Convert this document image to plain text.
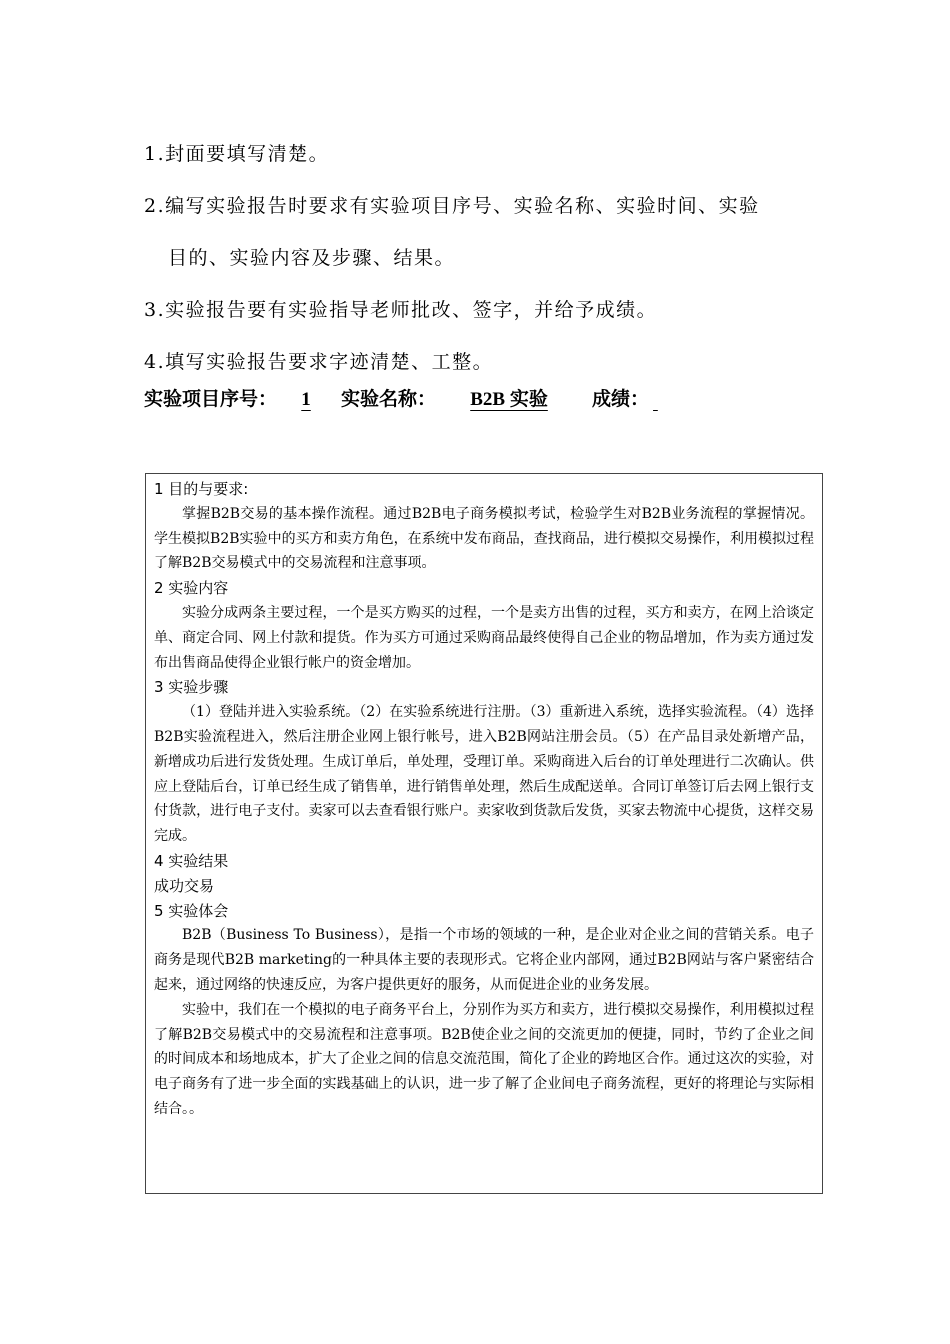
1.封面要填写清楚。
2.编写实验报告时要求有实验项目序号、实验名称、实验时间、实验
目的、实验内容及步骤、结果。
3.实验报告要有实验指导老师批改、签字，并给予成绩。
4.填写实验报告要求字迹清楚、工整。
实验项目序号： 1 实验名称： B2B 实验 成绩：
1 目的与要求:

掌握B2B交易的基本操作流程。通过B2B电子商务模拟考试，检验学生对B2B业务流程的掌握情况。学生模拟B2B实验中的买方和卖方角色，在系统中发布商品，查找商品，进行模拟交易操作，利用模拟过程了解B2B交易模式中的交易流程和注意事项。

2 实验内容

实验分成两条主要过程，一个是买方购买的过程，一个是卖方出售的过程，买方和卖方，在网上洽谈定单、商定合同、网上付款和提货。作为买方可通过采购商品最终使得自己企业的物品增加，作为卖方通过发布出售商品使得企业银行帐户的资金增加。

3 实验步骤

（1）登陆并进入实验系统。（2）在实验系统进行注册。（3）重新进入系统，选择实验流程。（4）选择B2B实验流程进入，然后注册企业网上银行帐号，进入B2B网站注册会员。（5）在产品目录处新增产品，新增成功后进行发货处理。生成订单后，单处理，受理订单。采购商进入后台的订单处理进行二次确认。供应上登陆后台，订单已经生成了销售单，进行销售单处理，然后生成配送单。合同订单签订后去网上银行支付货款，进行电子支付。卖家可以去查看银行账户。卖家收到货款后发货，买家去物流中心提货，这样交易完成。

4 实验结果
成功交易
5 实验体会

B2B（Business To Business），是指一个市场的领域的一种，是企业对企业之间的营销关系。电子商务是现代B2B marketing的一种具体主要的表现形式。它将企业内部网，通过B2B网站与客户紧密结合起来，通过网络的快速反应，为客户提供更好的服务，从而促进企业的业务发展。

实验中，我们在一个模拟的电子商务平台上，分别作为买方和卖方，进行模拟交易操作，利用模拟过程了解B2B交易模式中的交易流程和注意事项。B2B使企业之间的交流更加的便捷，同时，节约了企业之间的时间成本和场地成本，扩大了企业之间的信息交流范围，简化了企业的跨地区合作。通过这次的实验，对电子商务有了进一步全面的实践基础上的认识，进一步了解了企业间电子商务流程，更好的将理论与实际相结合。。
